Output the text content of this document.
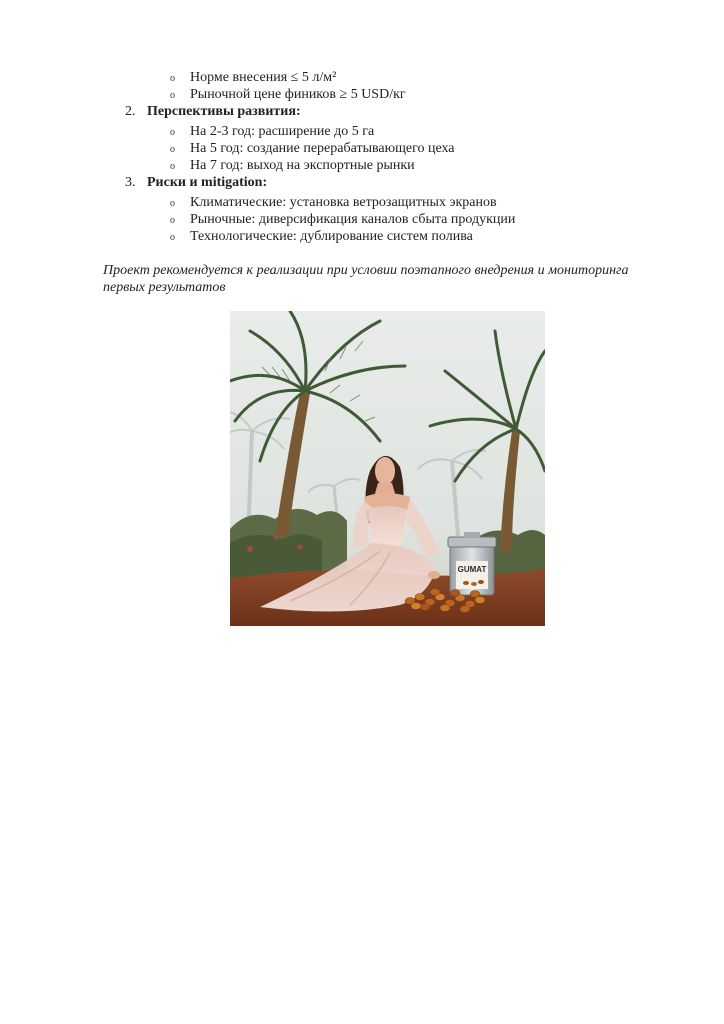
o Норме внесения ≤ 5 л/м²
o Рыночной цене фиников ≥ 5 USD/кг
2. Перспективы развития:
o На 2-3 год: расширение до 5 га
o На 5 год: создание перерабатывающего цеха
o На 7 год: выход на экспортные рынки
3. Риски и mitigation:
o Климатические: установка ветрозащитных экранов
o Рыночные: диверсификация каналов сбыта продукции
o Технологические: дублирование систем полива
Проект рекомендуется к реализации при условии поэтапного внедрения и мониторинга первых результатов
GUMAT
